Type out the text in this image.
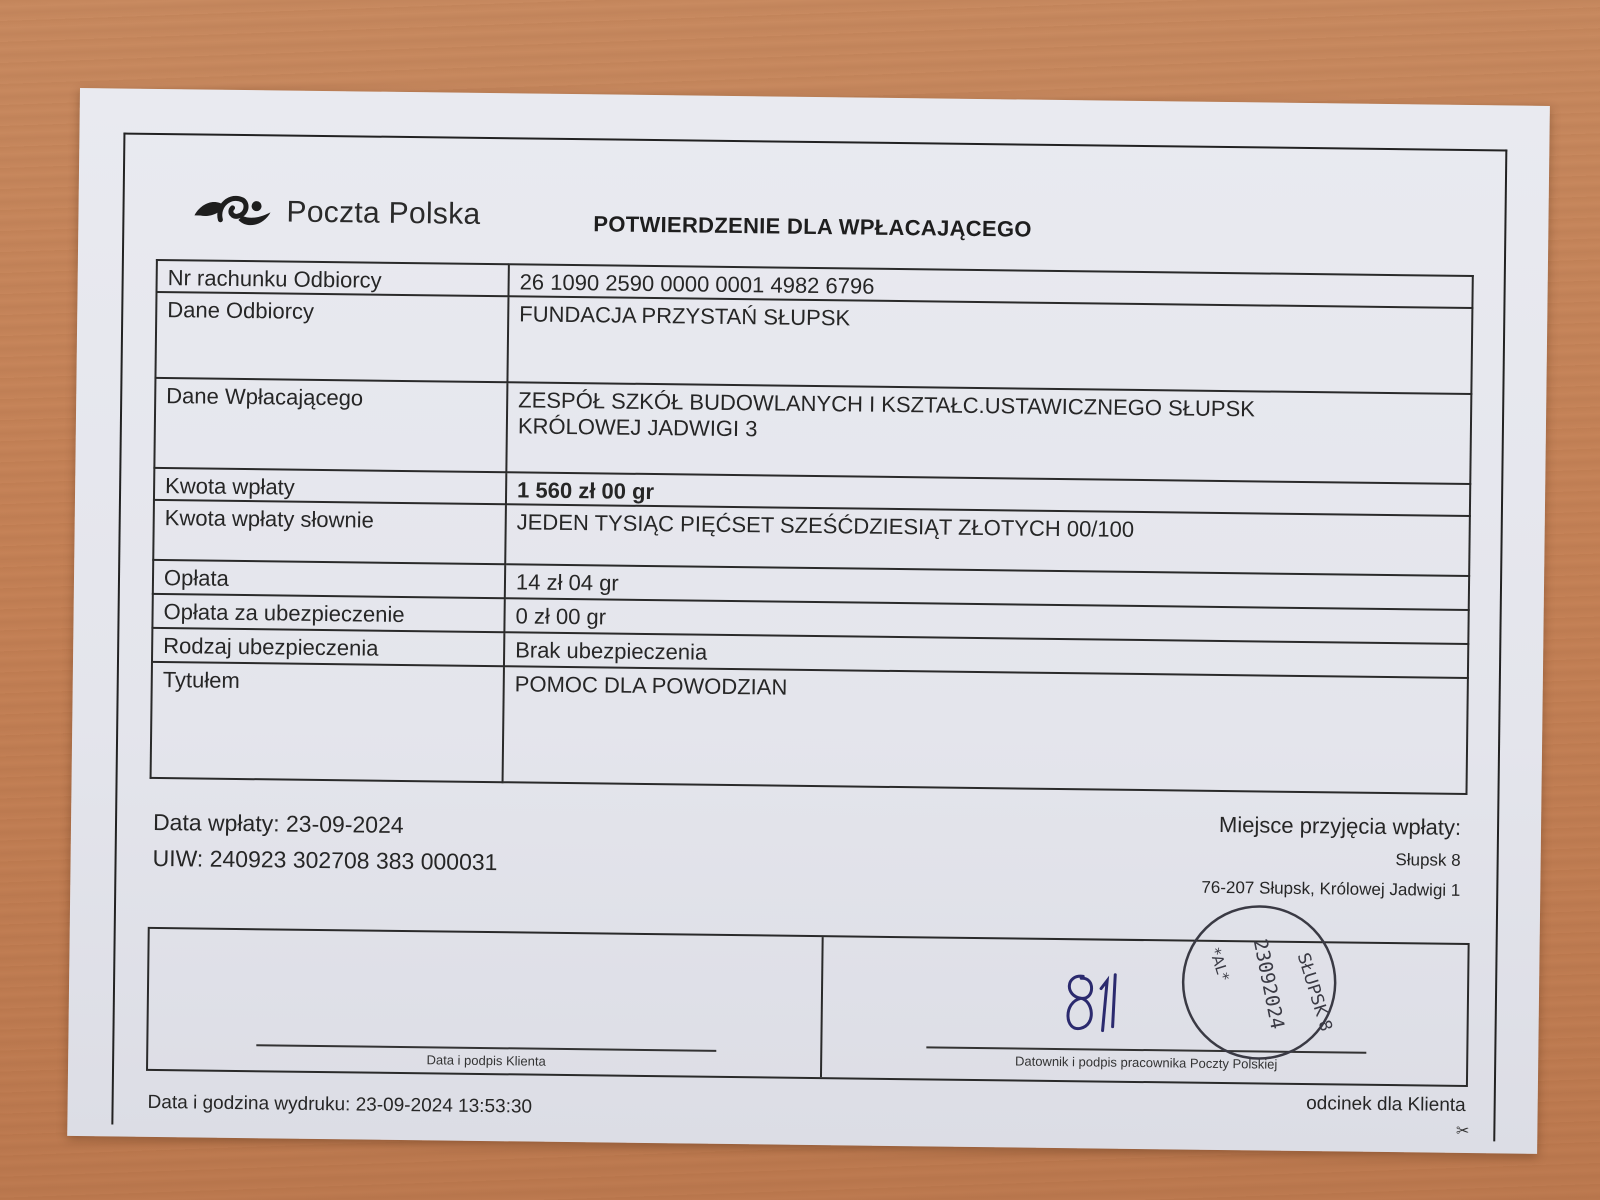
Poczta Polska	POTWIERDZENIE DLA WPŁACAJĄCEGO
Nr rachunku Odbiorcy	26 1090 2590 0000 0001 4982 6796

Dane Odbiorcy	FUNDACJA PRZYSTAŃ SŁUPSK

Dane Wpłacającego	ZESPÓŁ SZKÓŁ BUDOWLANYCH I KSZTAŁC.USTAWICZNEGO SŁUPSK
KRÓLOWEJ JADWIGI 3

Kwota wpłaty	1 560 zł 00 gr

Kwota wpłaty słownie	JEDEN TYSIĄC PIĘĆSET SZEŚĆDZIESIĄT ZŁOTYCH 00/100

Opłata	14 zł 04 gr

Opłata za ubezpieczenie	0 zł 00 gr

Rodzaj ubezpieczenia	Brak ubezpieczenia

Tytułem	POMOC DLA POWODZIAN
Data wpłaty: 23-09-2024
UIW: 240923 302708 383 000031
Miejsce przyjęcia wpłaty:
Słupsk 8
76-207 Słupsk, Królowej Jadwigi 1
Data i podpis Klienta	Datownik i podpis pracownika Poczty Polskiej
SŁUPSK 8
23092024
*AL*
Data i godzina wydruku: 23-09-2024 13:53:30	odcinek dla Klienta
✂
